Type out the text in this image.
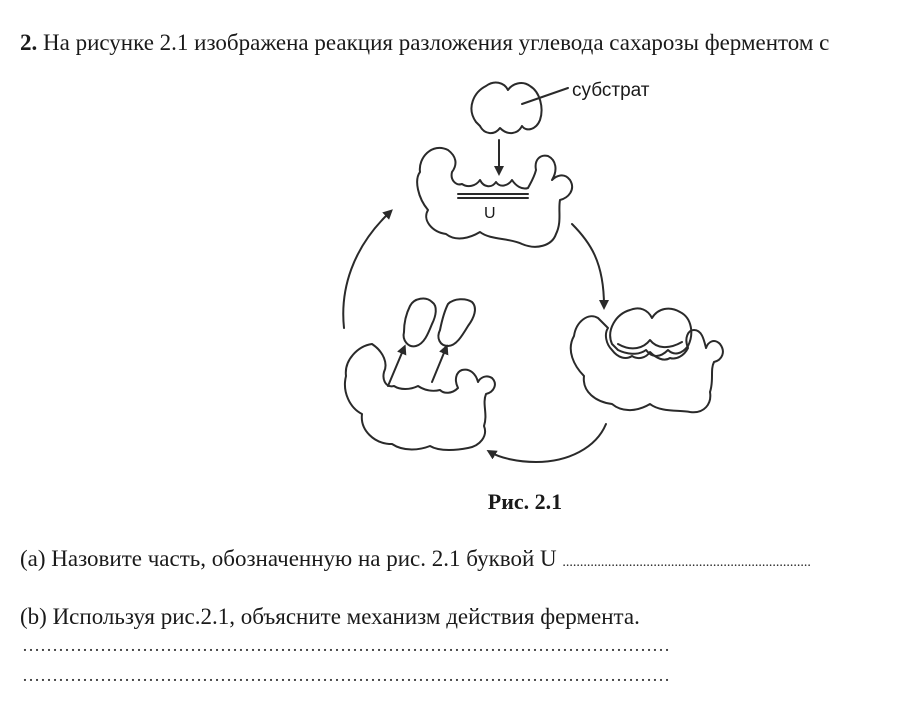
2. На рисунке 2.1 изображена реакция разложения углевода сахарозы ферментом с
субстрат
U
Рис. 2.1
(a) Назовите часть, обозначенную на рис. 2.1 буквой U .......................................................................
(b) Используя рис.2.1, объясните механизм действия фермента.
………………………………………………………………………………………………
………………………………………………………………………………………………
